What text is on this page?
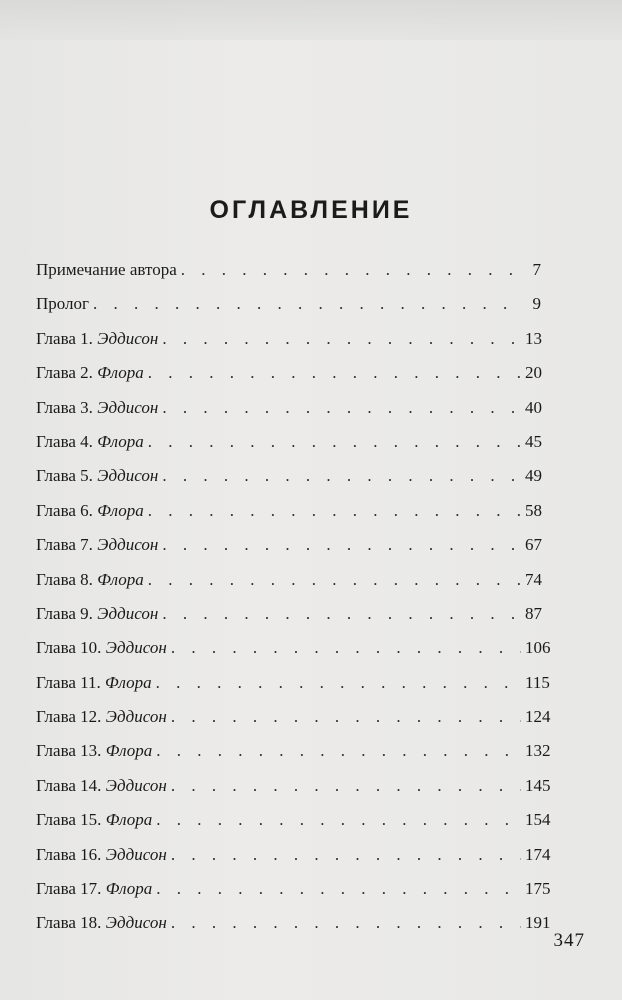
ОГЛАВЛЕНИЕ
Примечание автора . . .	7
Пролог . . .	9
Глава 1. Эддисон . . .	13
Глава 2. Флора . . .	20
Глава 3. Эддисон . . .	40
Глава 4. Флора . . .	45
Глава 5. Эддисон . . .	49
Глава 6. Флора . . .	58
Глава 7. Эддисон . . .	67
Глава 8. Флора . . .	74
Глава 9. Эддисон . . .	87
Глава 10. Эддисон . . .	106
Глава 11. Флора . . .	115
Глава 12. Эддисон . . .	124
Глава 13. Флора . . .	132
Глава 14. Эддисон . . .	145
Глава 15. Флора . . .	154
Глава 16. Эддисон . . .	174
Глава 17. Флора . . .	175
Глава 18. Эддисон . . .	191
347
